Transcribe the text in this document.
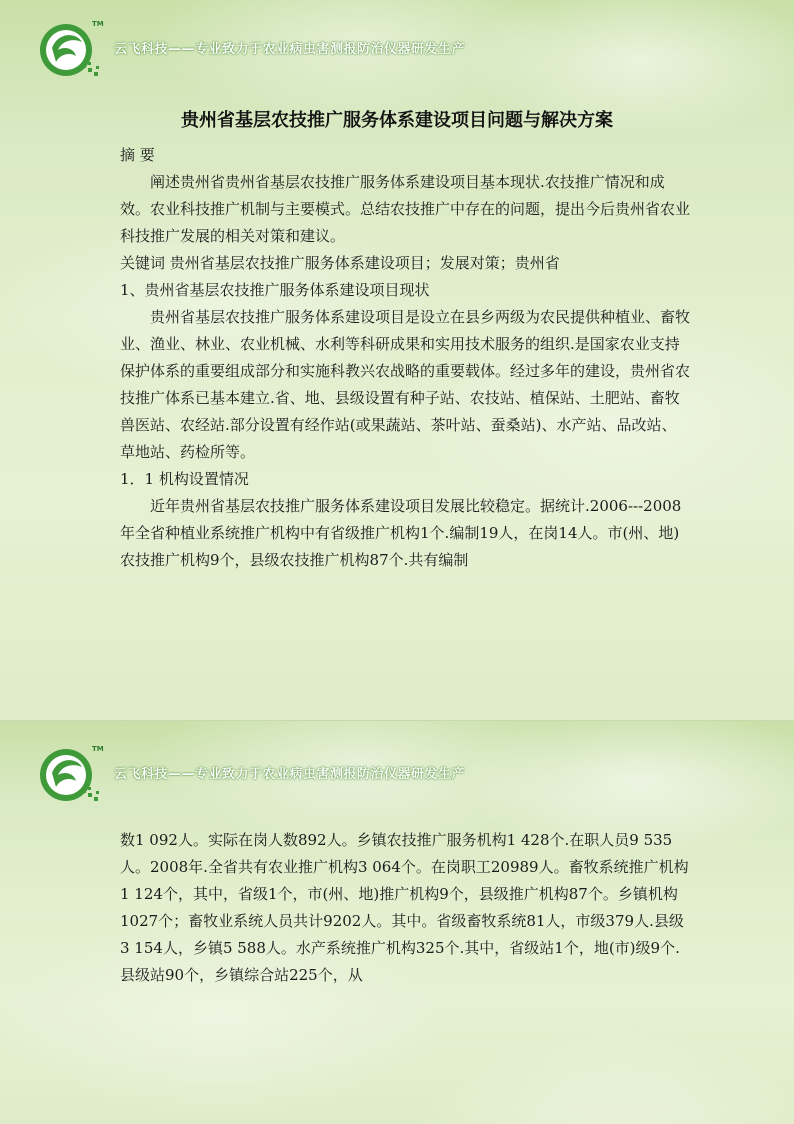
TM
云飞科技——专业致力于农业病虫害测报防治仪器研发生产
贵州省基层农技推广服务体系建设项目问题与解决方案

摘 要

阐述贵州省贵州省基层农技推广服务体系建设项目基本现状.农技推广情况和成效。农业科技推广机制与主要模式。总结农技推广中存在的问题，提出今后贵州省农业科技推广发展的相关对策和建议。

关键词 贵州省基层农技推广服务体系建设项目；发展对策；贵州省

1、贵州省基层农技推广服务体系建设项目现状

贵州省基层农技推广服务体系建设项目是设立在县乡两级为农民提供种植业、畜牧业、渔业、林业、农业机械、水利等科研成果和实用技术服务的组织.是国家农业支持保护体系的重要组成部分和实施科教兴农战略的重要载体。经过多年的建设，贵州省农技推广体系已基本建立.省、地、县级设置有种子站、农技站、植保站、土肥站、畜牧兽医站、农经站.部分设置有经作站(或果蔬站、茶叶站、蚕桑站)、水产站、品改站、草地站、药检所等。

1．1 机构设置情况

近年贵州省基层农技推广服务体系建设项目发展比较稳定。据统计.2006---2008年全省种植业系统推广机构中有省级推广机构1个.编制19人，在岗14人。市(州、地)农技推广机构9个，县级农技推广机构87个.共有编制

TM
云飞科技——专业致力于农业病虫害测报防治仪器研发生产

数1 092人。实际在岗人数892人。乡镇农技推广服务机构1 428个.在职人员9 535人。2008年.全省共有农业推广机构3 064个。在岗职工20989人。畜牧系统推广机构1 124个，其中，省级1个，市(州、地)推广机构9个，县级推广机构87个。乡镇机构1027个；畜牧业系统人员共计9202人。其中。省级畜牧系统81人，市级379人.县级3 154人，乡镇5 588人。水产系统推广机构325个.其中，省级站1个，地(市)级9个.县级站90个，乡镇综合站225个，从
